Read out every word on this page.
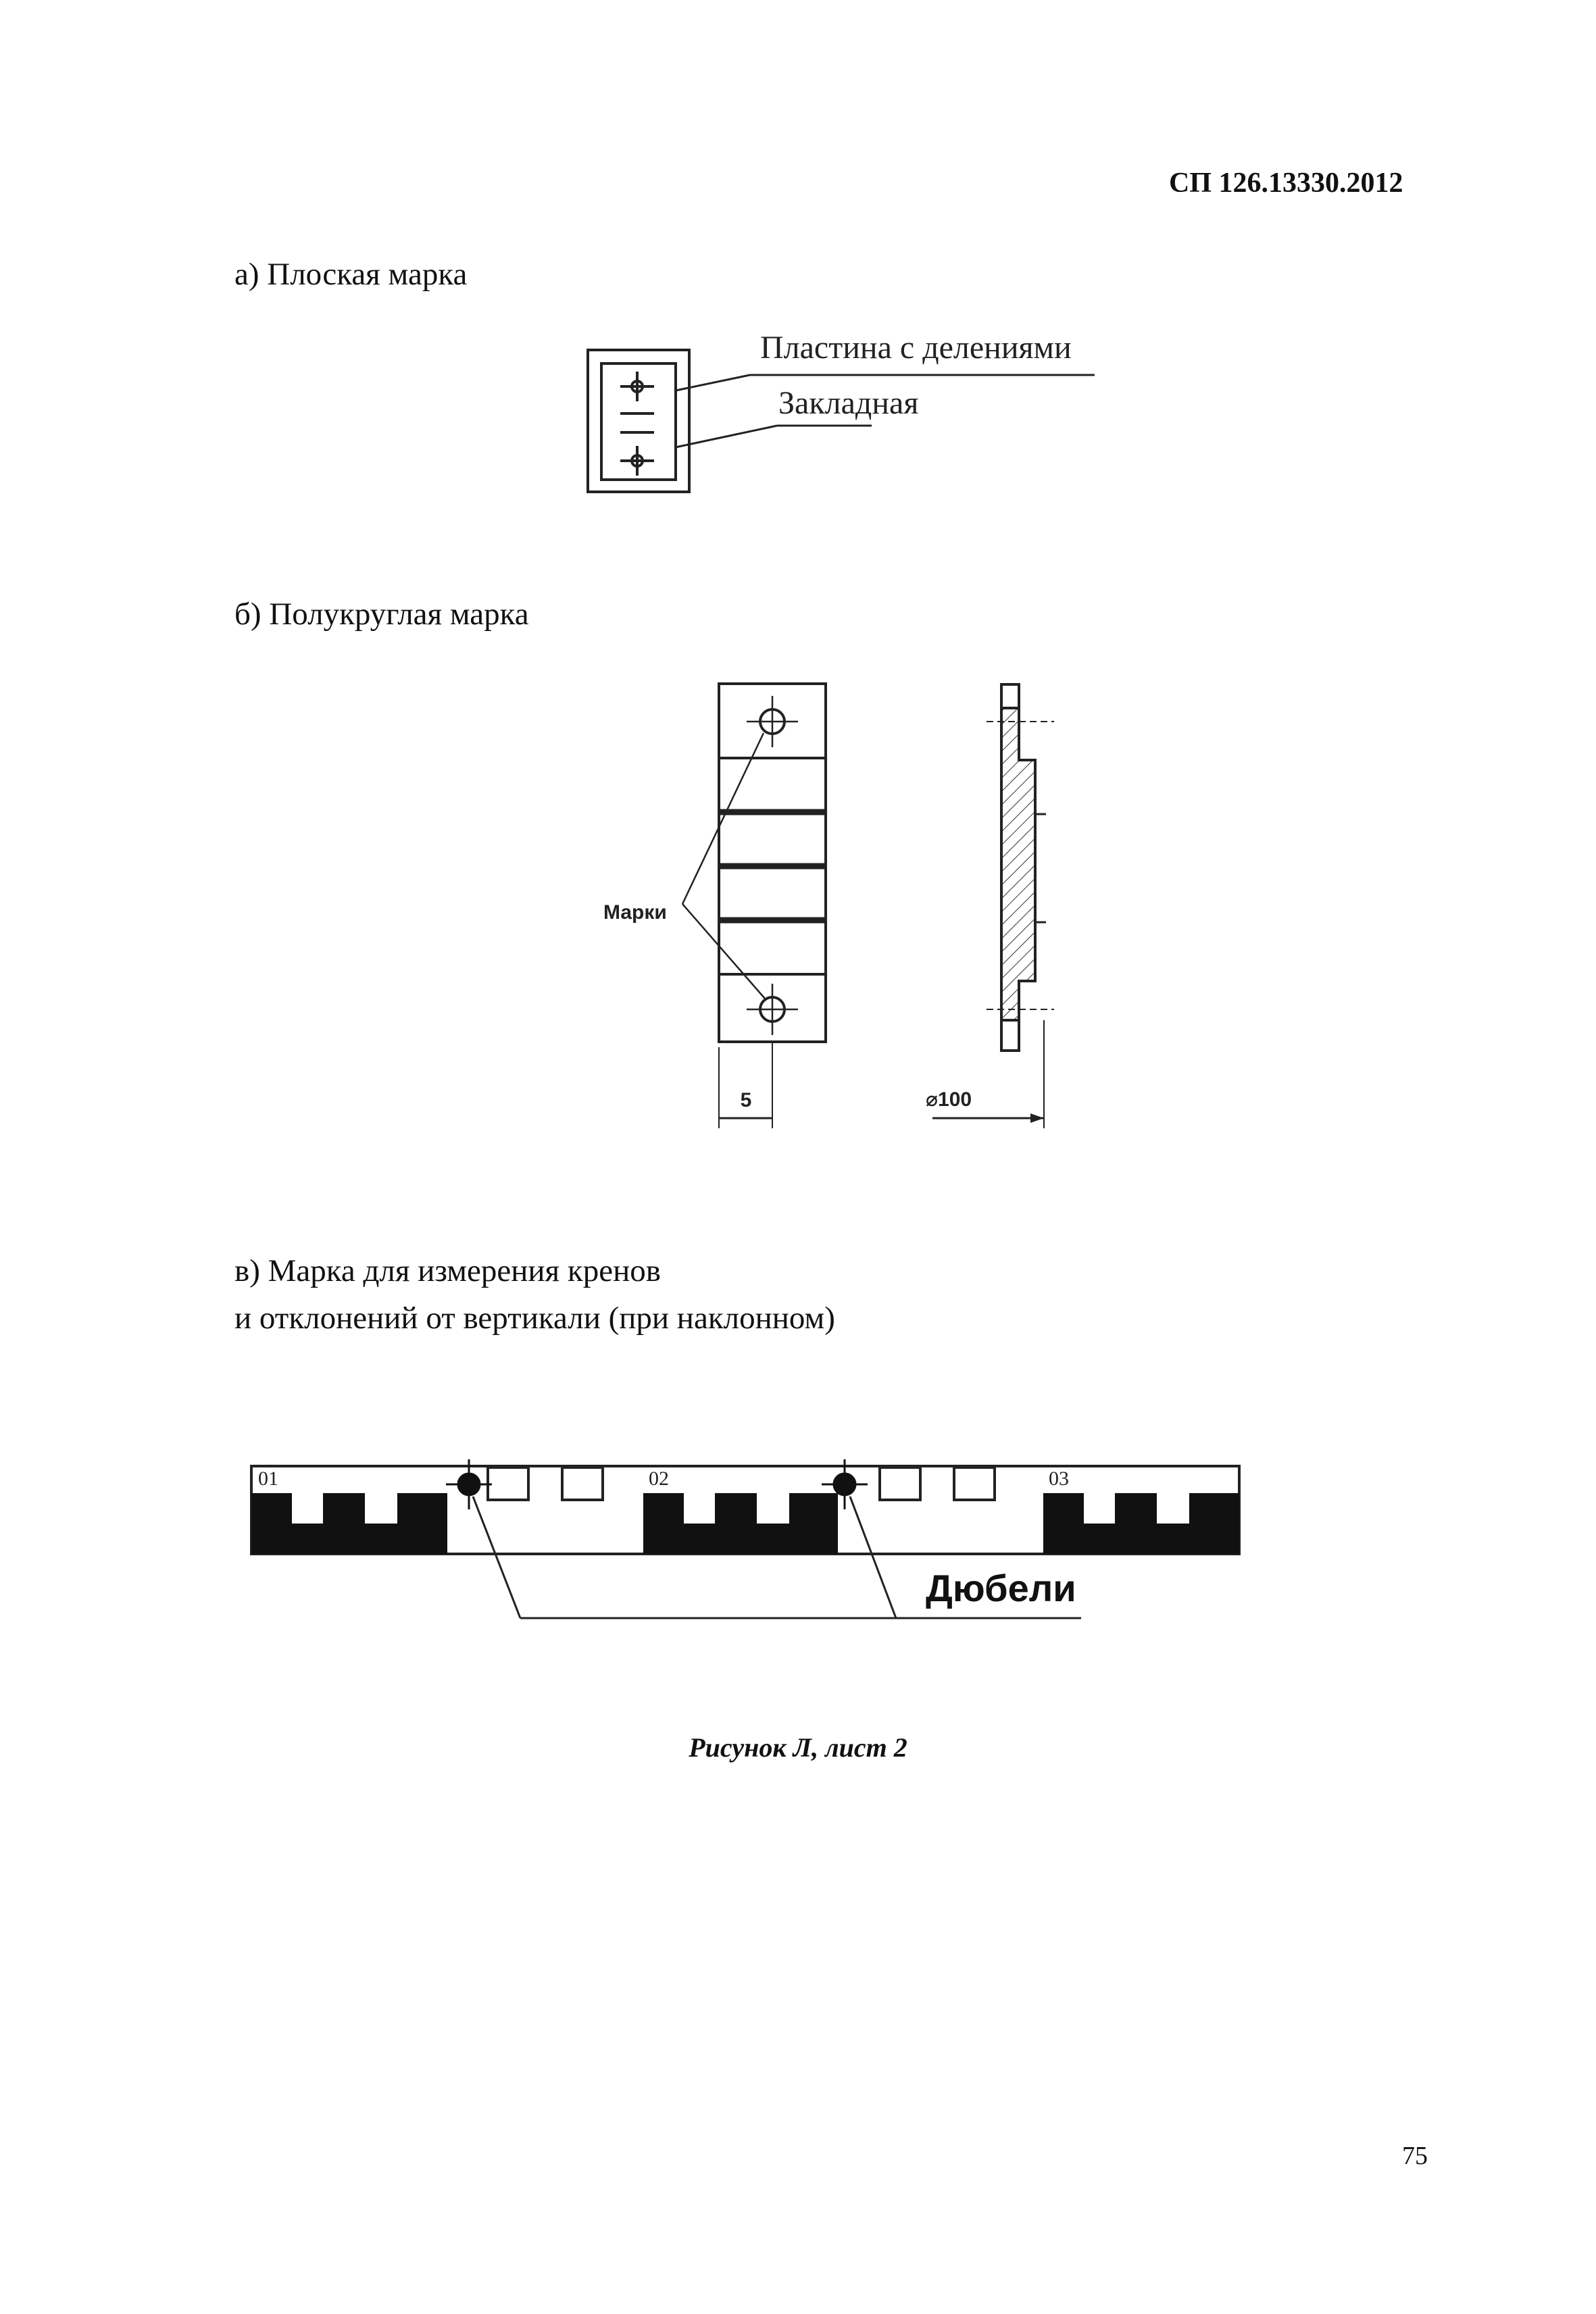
СП 126.13330.2012
а) Плоская марка
б) Полукруглая марка
в) Марка для измерения кренов
и отклонений от вертикали (при наклонном)
Пластина с делениями
Закладная
Марки
5	⌀100
01	02	03
Дюбели
Рисунок Л, лист 2
75
